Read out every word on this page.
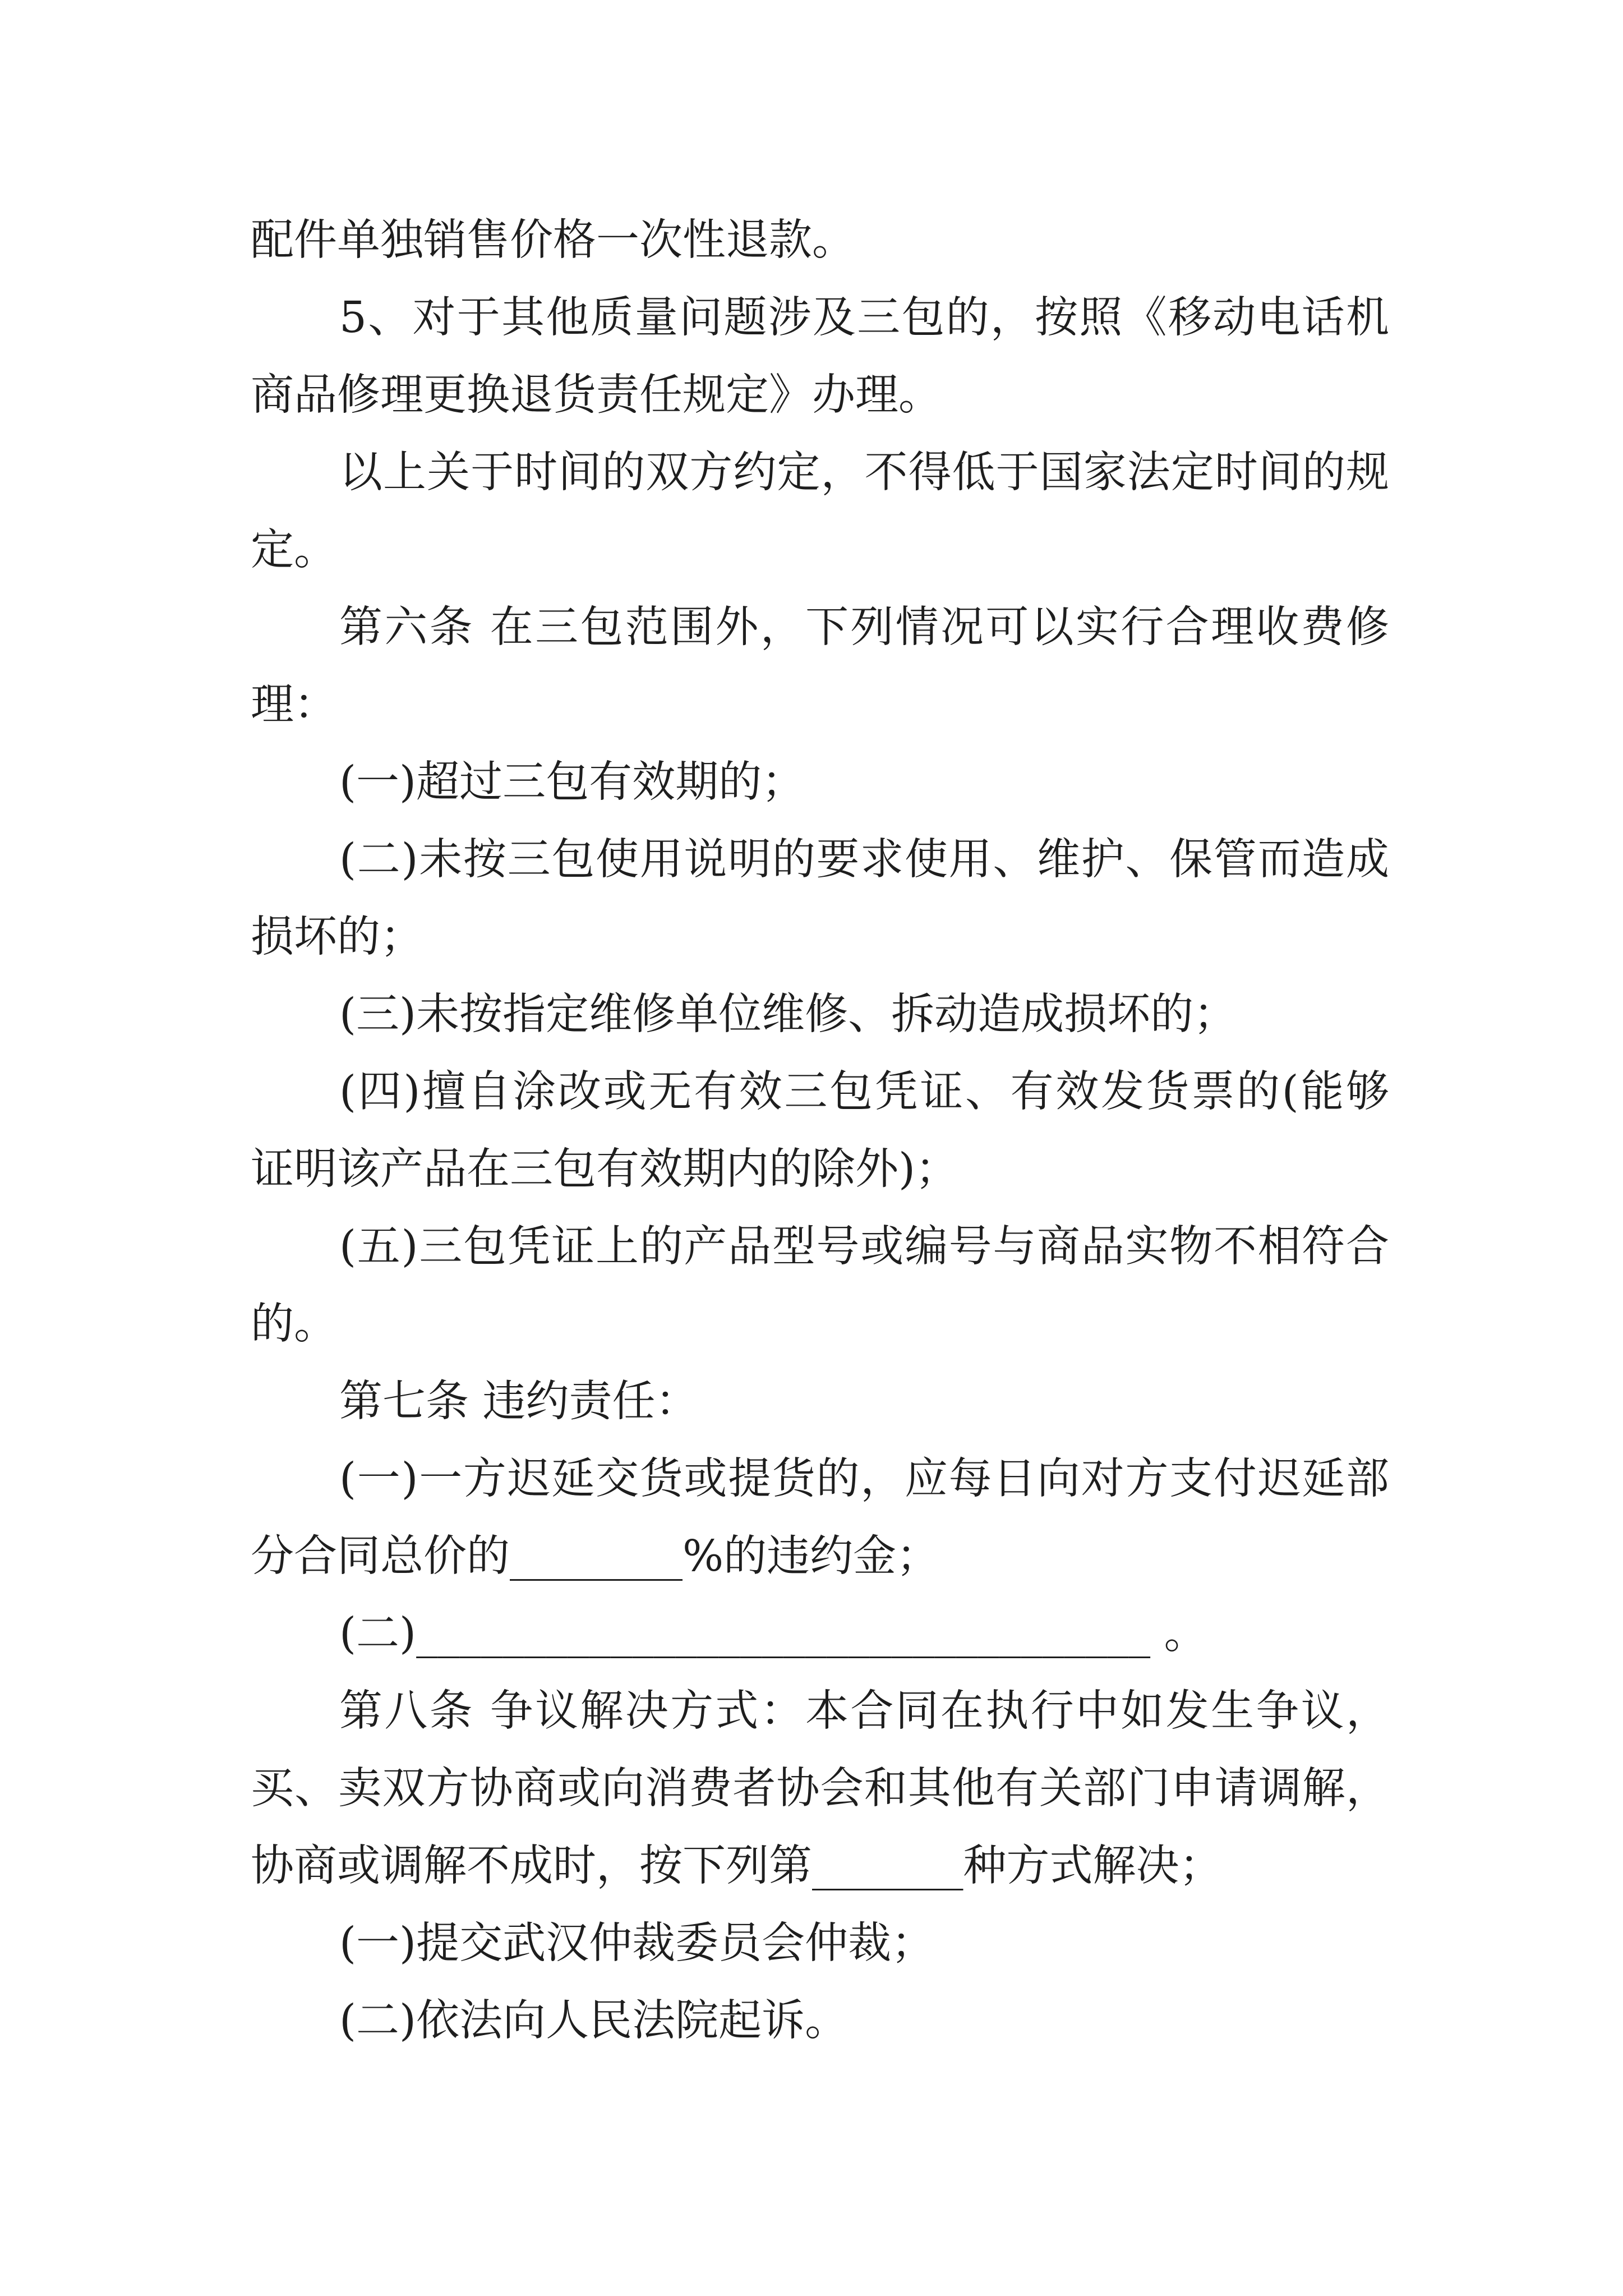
配件单独销售价格一次性退款。
5、对于其他质量问题涉及三包的，按照《移动电话机
商品修理更换退货责任规定》办理。
以上关于时间的双方约定，不得低于国家法定时间的规
定。
第六条 在三包范围外，下列情况可以实行合理收费修
理：
(一)超过三包有效期的；
(二)未按三包使用说明的要求使用、维护、保管而造成
损坏的；
(三)未按指定维修单位维修、拆动造成损坏的；
(四)擅自涂改或无有效三包凭证、有效发货票的(能够
证明该产品在三包有效期内的除外)；
(五)三包凭证上的产品型号或编号与商品实物不相符合
的。
第七条 违约责任：
(一)一方迟延交货或提货的，应每日向对方支付迟延部
分合同总价的________%的违约金；
(二)__________________________________ 。
第八条 争议解决方式：本合同在执行中如发生争议，
买、卖双方协商或向消费者协会和其他有关部门申请调解，
协商或调解不成时，按下列第_______种方式解决；
(一)提交武汉仲裁委员会仲裁；
(二)依法向人民法院起诉。
